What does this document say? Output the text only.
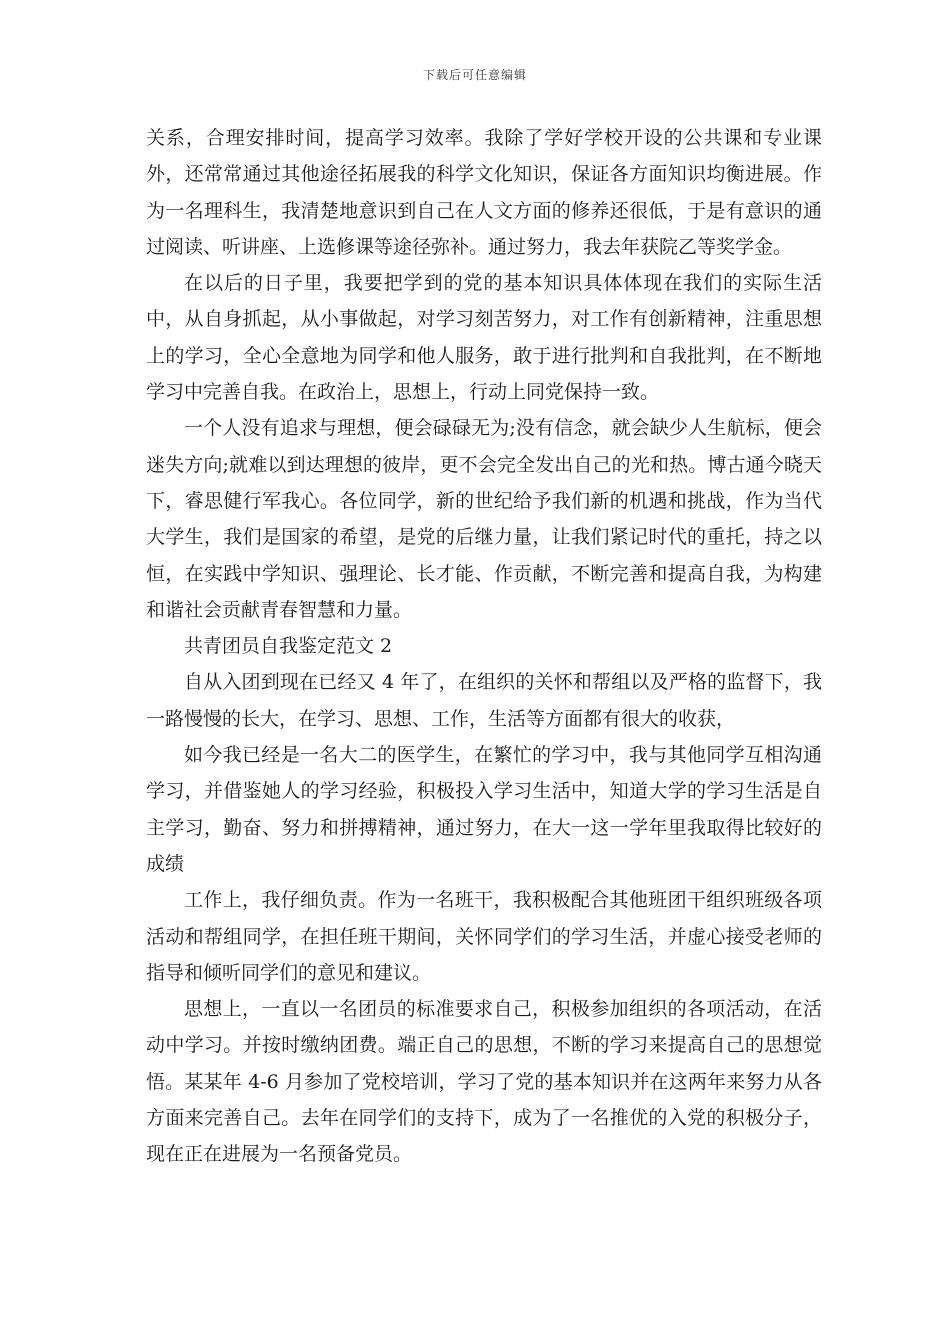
下载后可任意编辑

关系，合理安排时间，提高学习效率。我除了学好学校开设的公共课和专业课外，还常常通过其他途径拓展我的科学文化知识，保证各方面知识均衡进展。作为一名理科生，我清楚地意识到自己在人文方面的修养还很低，于是有意识的通过阅读、听讲座、上选修课等途径弥补。通过努力，我去年获院乙等奖学金。

在以后的日子里，我要把学到的党的基本知识具体体现在我们的实际生活中，从自身抓起，从小事做起，对学习刻苦努力，对工作有创新精神，注重思想上的学习，全心全意地为同学和他人服务，敢于进行批判和自我批判，在不断地学习中完善自我。在政治上，思想上，行动上同党保持一致。

一个人没有追求与理想，便会碌碌无为;没有信念，就会缺少人生航标，便会迷失方向;就难以到达理想的彼岸，更不会完全发出自己的光和热。博古通今晓天下，睿思健行军我心。各位同学，新的世纪给予我们新的机遇和挑战，作为当代大学生，我们是国家的希望，是党的后继力量，让我们紧记时代的重托，持之以恒，在实践中学知识、强理论、长才能、作贡献，不断完善和提高自我，为构建和谐社会贡献青春智慧和力量。

共青团员自我鉴定范文 2

自从入团到现在已经又 4 年了，在组织的关怀和帮组以及严格的监督下，我一路慢慢的长大，在学习、思想、工作，生活等方面都有很大的收获，

如今我已经是一名大二的医学生，在繁忙的学习中，我与其他同学互相沟通学习，并借鉴她人的学习经验，积极投入学习生活中，知道大学的学习生活是自主学习，勤奋、努力和拼搏精神，通过努力，在大一这一学年里我取得比较好的成绩

工作上，我仔细负责。作为一名班干，我积极配合其他班团干组织班级各项活动和帮组同学，在担任班干期间，关怀同学们的学习生活，并虚心接受老师的指导和倾听同学们的意见和建议。

思想上，一直以一名团员的标准要求自己，积极参加组织的各项活动，在活动中学习。并按时缴纳团费。端正自己的思想，不断的学习来提高自己的思想觉悟。某某年 4-6 月参加了党校培训，学习了党的基本知识并在这两年来努力从各方面来完善自己。去年在同学们的支持下，成为了一名推优的入党的积极分子，现在正在进展为一名预备党员。
